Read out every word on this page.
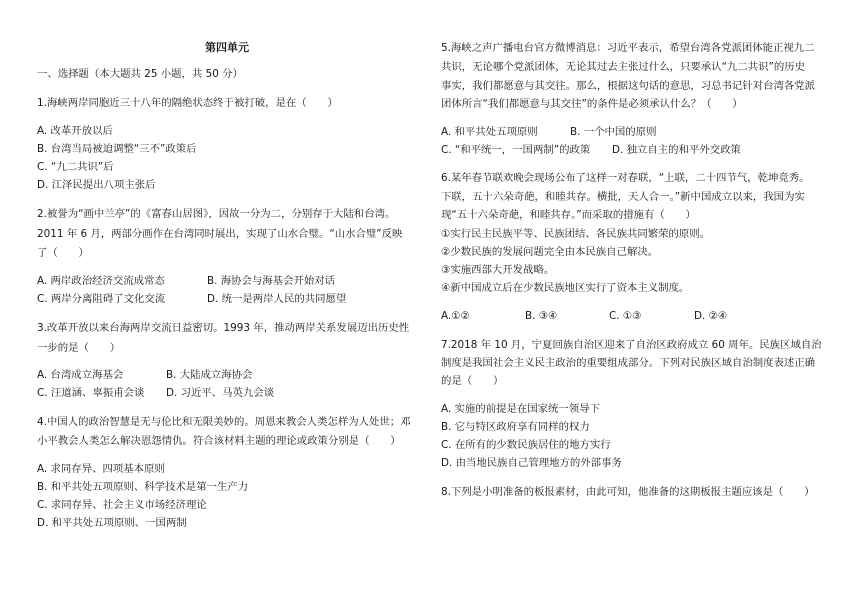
第四单元
一、选择题（本大题共 25 小题，共 50 分）
1.海峡两岸同胞近三十八年的隔绝状态终于被打破，是在（　　）
A. 改革开放以后
B. 台湾当局被迫调整“三不”政策后
C. “九二共识”后
D. 江泽民提出八项主张后
2.被誉为“画中兰亭”的《富春山居图》，因故一分为二，分别存于大陆和台湾。
2011 年 6 月，两部分画作在台湾同时展出，实现了山水合璧。“山水合璧”反映
了（　　）
A. 两岸政治经济交流成常态	B. 海协会与海基会开始对话
C. 两岸分离阻碍了文化交流	D. 统一是两岸人民的共同愿望
3.改革开放以来台海两岸交流日益密切。1993 年，推动两岸关系发展迈出历史性
一步的是（　　）
A. 台湾成立海基会	B. 大陆成立海协会
C. 汪道涵、辜振甫会谈 D. 习近平、马英九会谈
4.中国人的政治智慧是无与伦比和无限美妙的。周恩来教会人类怎样为人处世；邓
小平教会人类怎么解决恩怨情仇。符合该材料主题的理论或政策分别是（　　）
A. 求同存异、四项基本原则
B. 和平共处五项原则、科学技术是第一生产力
C. 求同存异、社会主义市场经济理论
D. 和平共处五项原则、一国两制
5.海峡之声广播电台官方微博消息：习近平表示，希望台湾各党派团体能正视九二
共识，无论哪个党派团体，无论其过去主张过什么，只要承认“九二共识”的历史
事实，我们都愿意与其交往。那么，根据这句话的意思，习总书记针对台湾各党派
团体所言“我们都愿意与其交往”的条件是必须承认什么？（　　）
A. 和平共处五项原则	B. 一个中国的原则
C. “和平统一，一国两制”的政策 D. 独立自主的和平外交政策
6.某年春节联欢晚会现场公布了这样一对春联，“上联，二十四节气，乾坤竞秀。
下联，五十六朵奇葩，和睦共存。横批，天人合一。”新中国成立以来，我国为实
现“五十六朵奇葩，和睦共存。”而采取的措施有（　　）
①实行民主民族平等、民族团结、各民族共同繁荣的原则。
②少数民族的发展问题完全由本民族自己解决。
③实施西部大开发战略。
④新中国成立后在少数民族地区实行了资本主义制度。
A.①②	B. ③④	C. ①③	D. ②④
7.2018 年 10 月，宁夏回族自治区迎来了自治区政府成立 60 周年。民族区域自治
制度是我国社会主义民主政治的重要组成部分。下列对民族区域自治制度表述正确
的是（　　）
A. 实施的前提是在国家统一领导下
B. 它与特区政府享有同样的权力
C. 在所有的少数民族居住的地方实行
D. 由当地民族自己管理地方的外部事务
8.下列是小明准备的板报素材，由此可知，他准备的这期板报主题应该是（　　）
